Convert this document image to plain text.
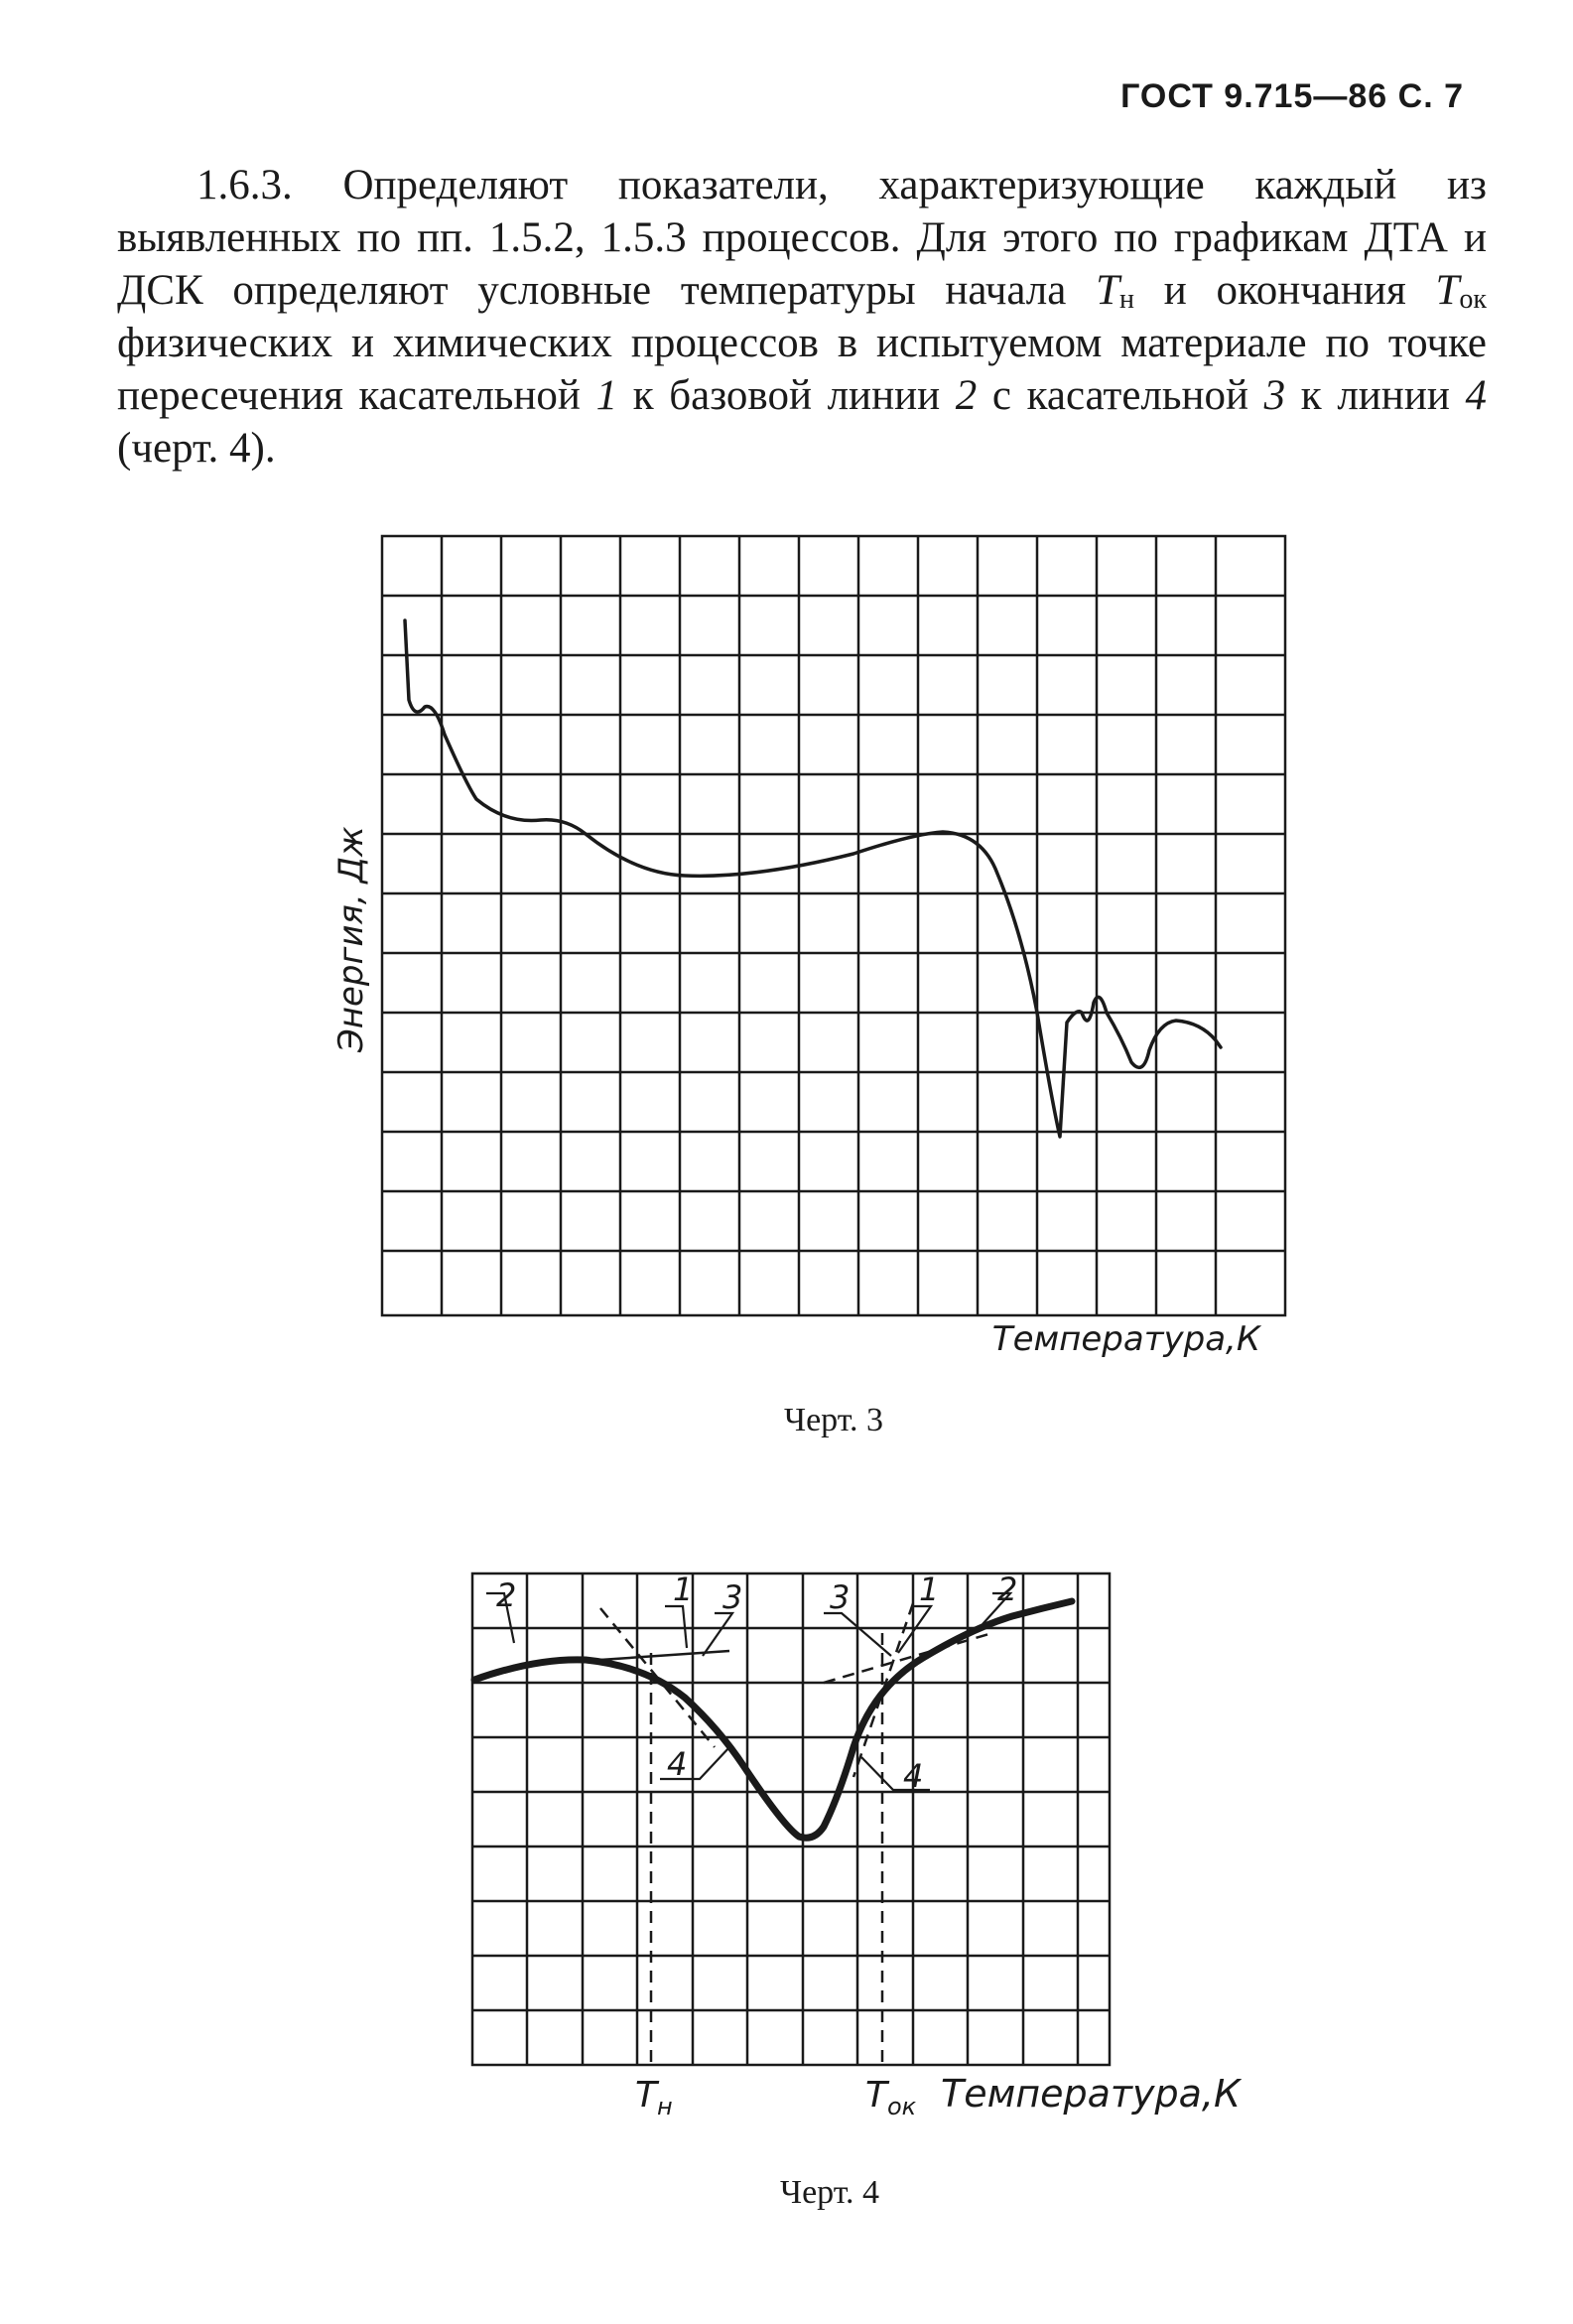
ГОСТ 9.715—86 С. 7
1.6.3. Определяют показатели, характеризующие каждый из выявленных по пп. 1.5.2, 1.5.3 процессов. Для этого по графикам ДТА и ДСК определяют условные температуры начала $T_н$ и окончания $T_{ок}$ физических и химических процессов в испытуемом материале по точке пересечения касательной 1 к базовой линии 2 с касательной 3 к линии 4 (черт. 4).
Энергия, Дж
Температура,К
Черт. 3
2	1 3	3 1 2
4	4
$T_н$	$T_{ок}$ Температура,К
Черт. 4
